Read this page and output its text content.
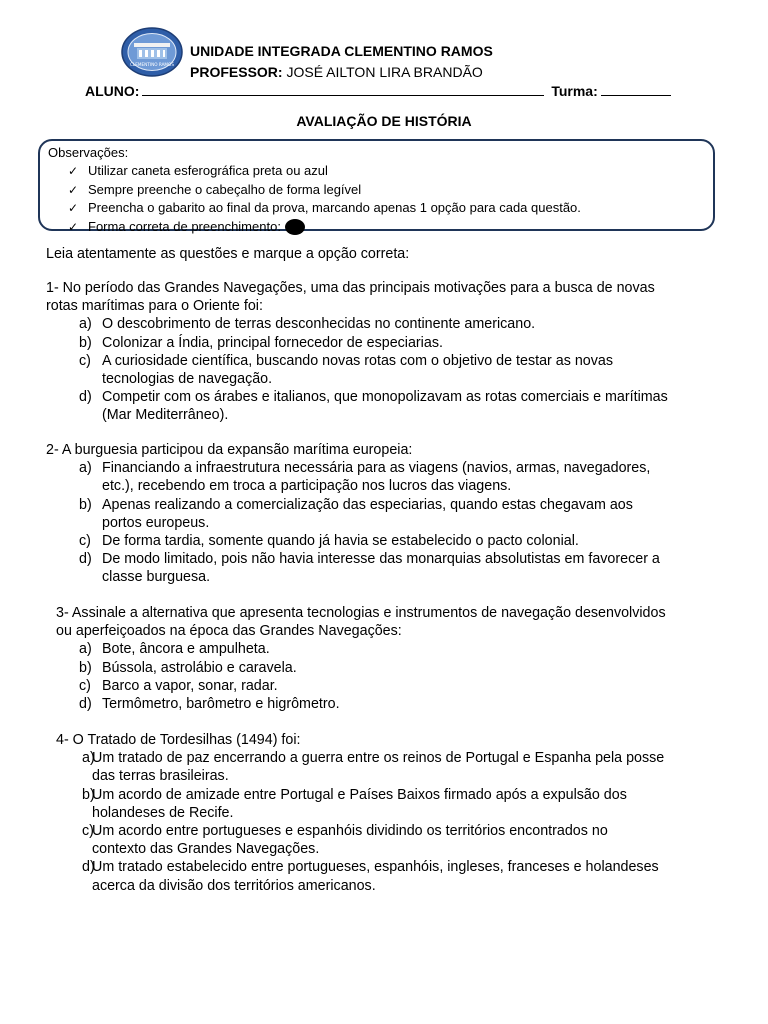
CLEMENTINO RAMOS
UNIDADE INTEGRADA CLEMENTINO RAMOS
PROFESSOR: JOSÉ AILTON LIRA BRANDÃO
ALUNO:	Turma:
AVALIAÇÃO DE HISTÓRIA
Observações:
✓ Utilizar caneta esferográfica preta ou azul
✓ Sempre preenche o cabeçalho de forma legível
✓ Preencha o gabarito ao final da prova, marcando apenas 1 opção para cada questão.
✓ Forma correta de preenchimento:
Leia atentamente as questões e marque a opção correta:
1- No período das Grandes Navegações, uma das principais motivações para a busca de novas
rotas marítimas para o Oriente foi:
a) O descobrimento de terras desconhecidas no continente americano.
b) Colonizar a Índia, principal fornecedor de especiarias.
c) A curiosidade científica, buscando novas rotas com o objetivo de testar as novas
tecnologias de navegação.
d) Competir com os árabes e italianos, que monopolizavam as rotas comerciais e marítimas
(Mar Mediterrâneo).
2- A burguesia participou da expansão marítima europeia:
a) Financiando a infraestrutura necessária para as viagens (navios, armas, navegadores,
etc.), recebendo em troca a participação nos lucros das viagens.
b) Apenas realizando a comercialização das especiarias, quando estas chegavam aos
portos europeus.
c) De forma tardia, somente quando já havia se estabelecido o pacto colonial.
d) De modo limitado, pois não havia interesse das monarquias absolutistas em favorecer a
classe burguesa.
3- Assinale a alternativa que apresenta tecnologias e instrumentos de navegação desenvolvidos
ou aperfeiçoados na época das Grandes Navegações:
a) Bote, âncora e ampulheta.
b) Bússola, astrolábio e caravela.
c) Barco a vapor, sonar, radar.
d) Termômetro, barômetro e higrômetro.
4- O Tratado de Tordesilhas (1494) foi:
a)
Um tratado de paz encerrando a guerra entre os reinos de Portugal e Espanha pela posse
das terras brasileiras.
b)
Um acordo de amizade entre Portugal e Países Baixos firmado após a expulsão dos
holandeses de Recife.
c)
Um acordo entre portugueses e espanhóis dividindo os territórios encontrados no
contexto das Grandes Navegações.
d)
Um tratado estabelecido entre portugueses, espanhóis, ingleses, franceses e holandeses
acerca da divisão dos territórios americanos.
